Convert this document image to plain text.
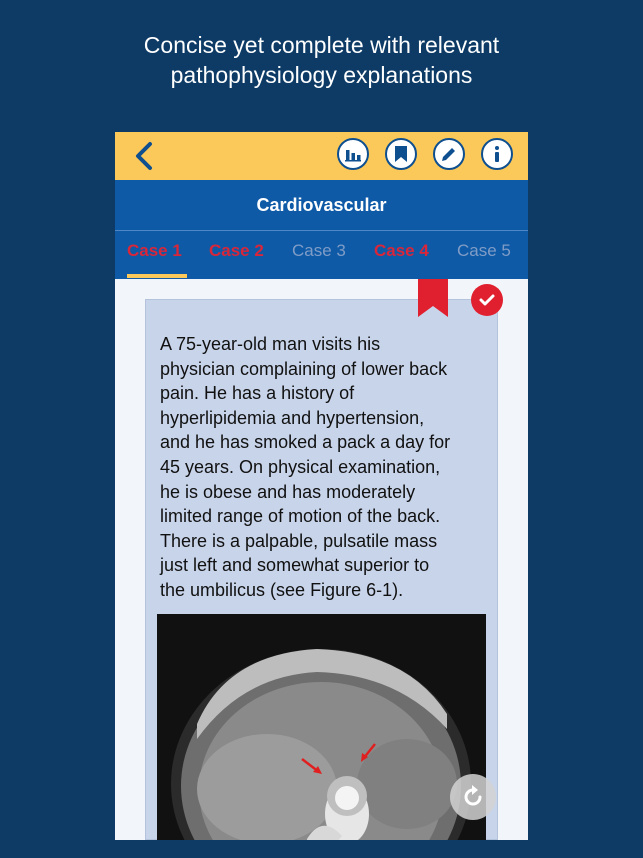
Concise yet complete with relevant
pathophysiology explanations
Cardiovascular
Case 1 Case 2 Case 3 Case 4 Case 5

A 75-year-old man visits his
physician complaining of lower back
pain. He has a history of
hyperlipidemia and hypertension,
and he has smoked a pack a day for
45 years. On physical examination,
he is obese and has moderately
limited range of motion of the back.
There is a palpable, pulsatile mass
just left and somewhat superior to
the umbilicus (see Figure 6-1).
